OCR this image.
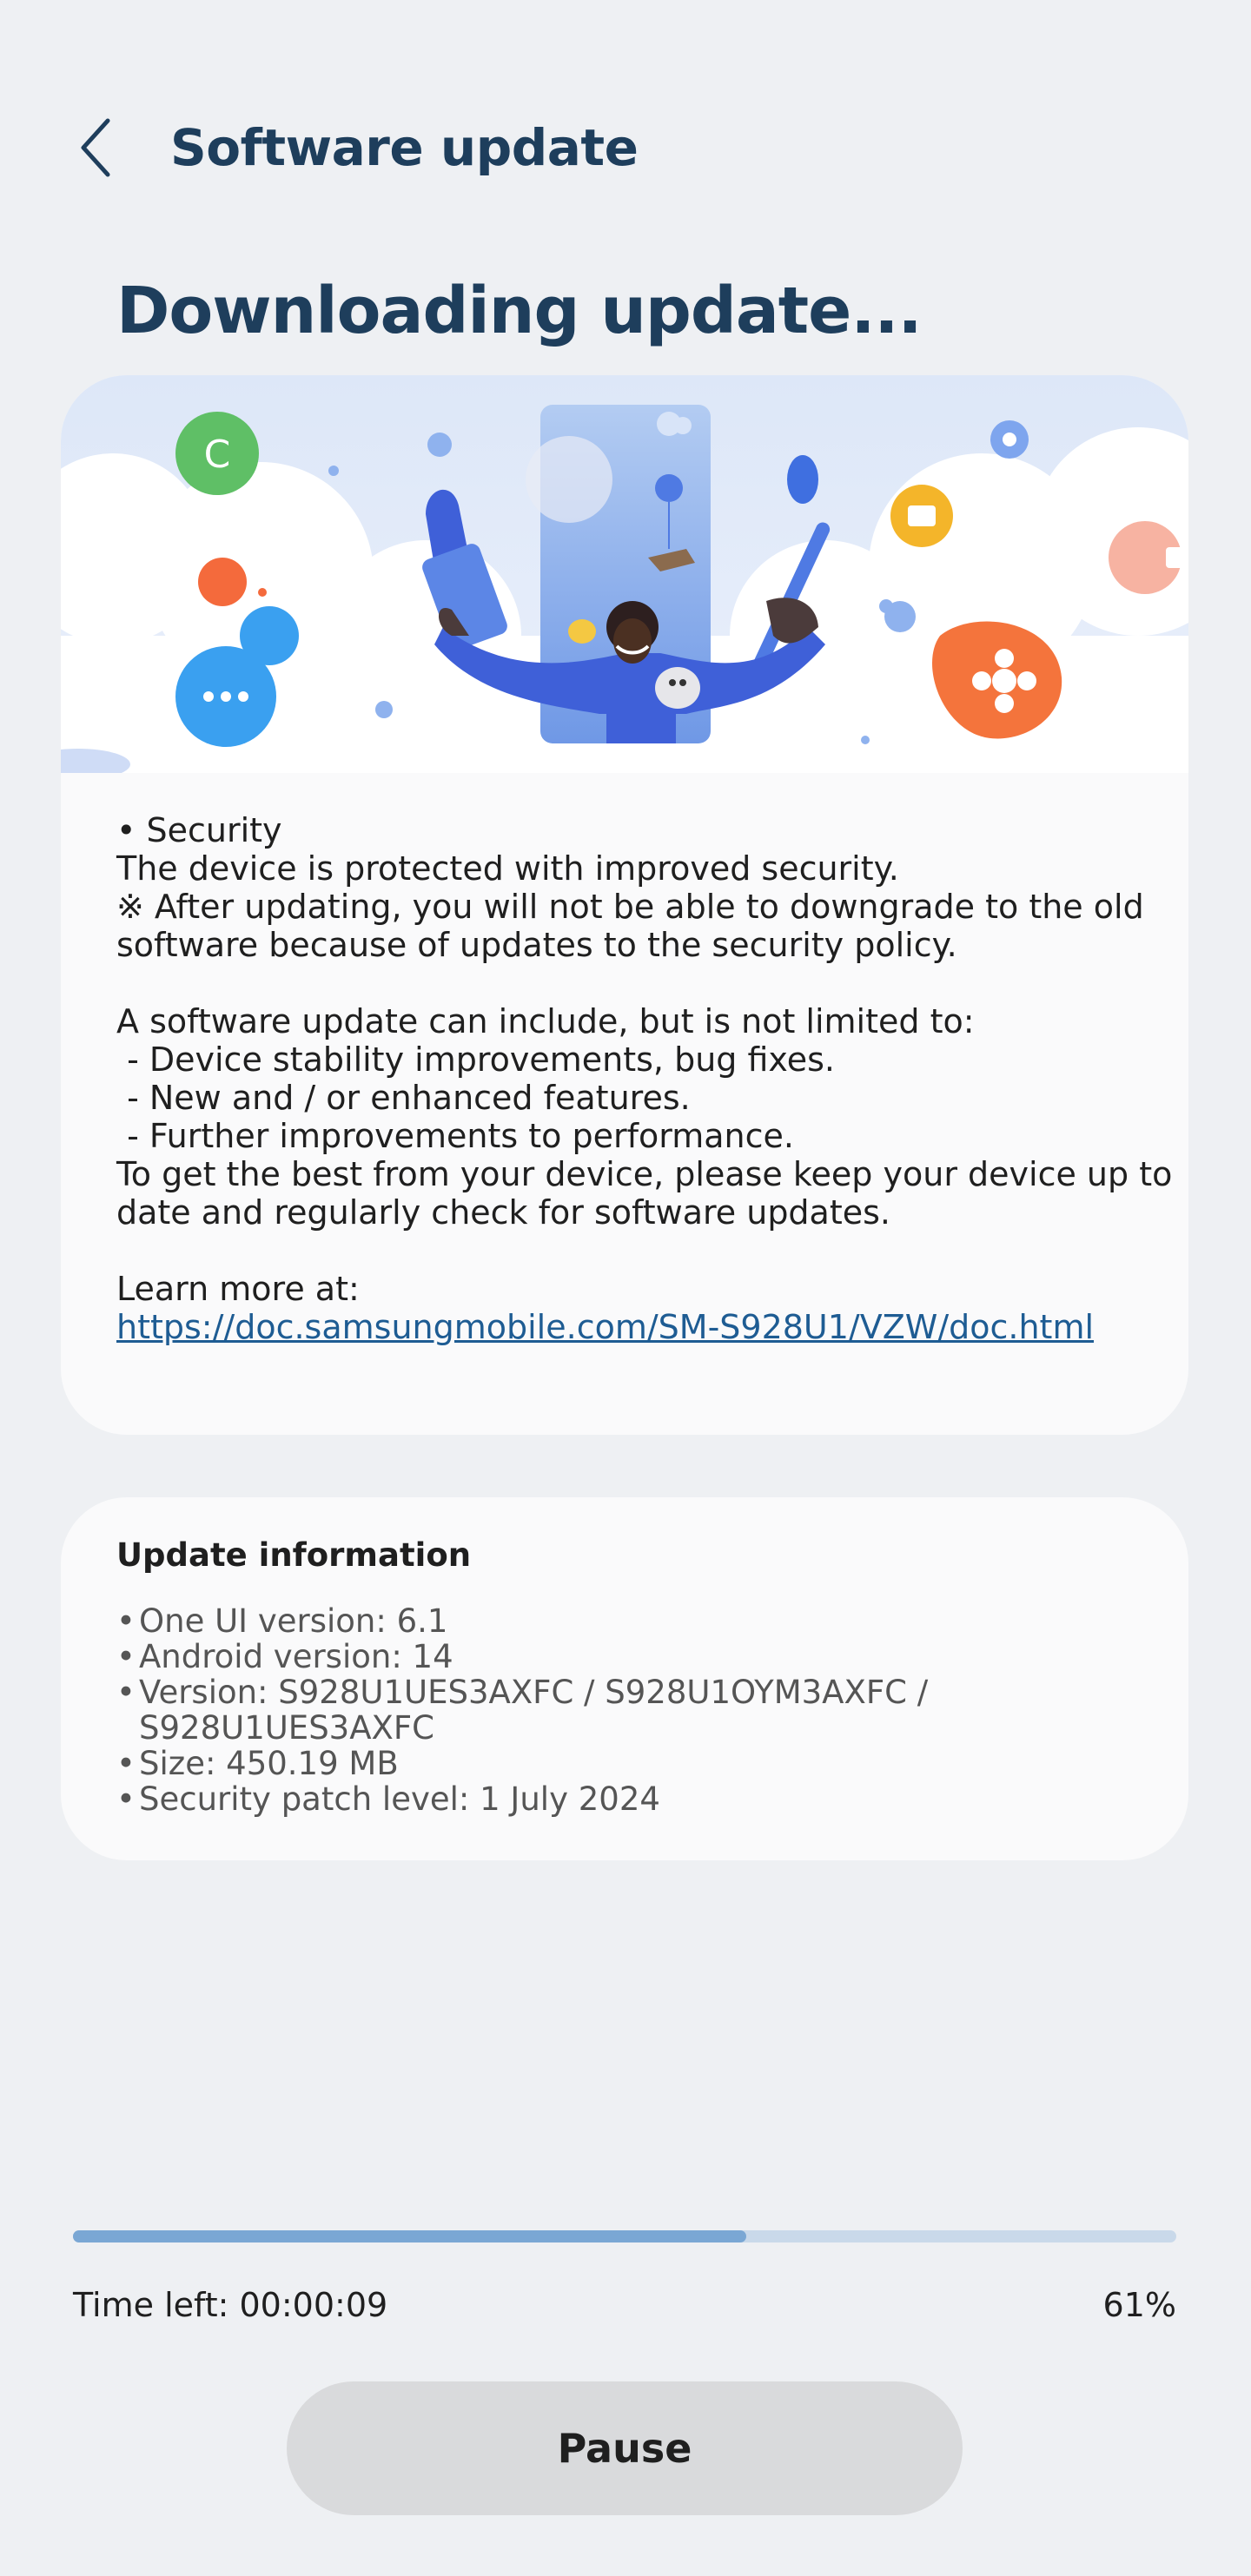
Software update
Downloading update...
C
• Security
The device is protected with improved security.
※ After updating, you will not be able to downgrade to the old
software because of updates to the security policy.
A software update can include, but is not limited to:
- Device stability improvements, bug fixes.
- New and / or enhanced features.
- Further improvements to performance.
To get the best from your device, please keep your device up to
date and regularly check for software updates.
Learn more at:
https://doc.samsungmobile.com/SM-S928U1/VZW/doc.html
Update information
• One UI version: 6.1
• Android version: 14
• Version: S928U1UES3AXFC / S928U1OYM3AXFC /
S928U1UES3AXFC
• Size: 450.19 MB
• Security patch level: 1 July 2024
Time left: 00:00:09	61%
Pause
